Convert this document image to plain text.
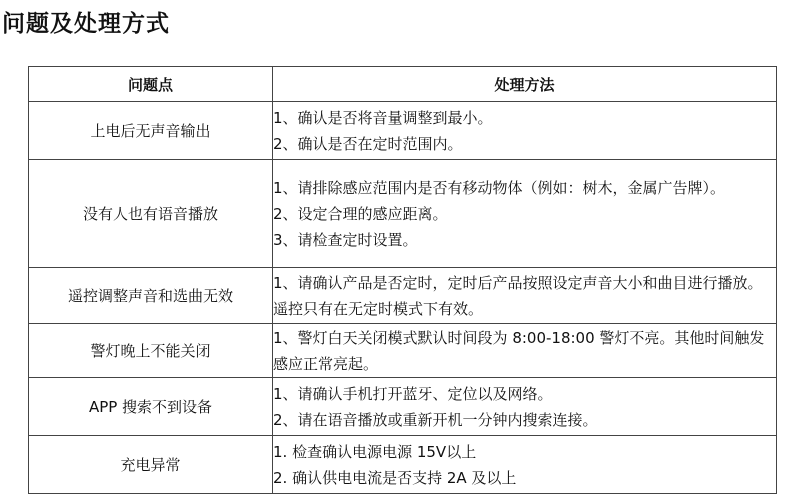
问题及处理方式
问题点	处理方法
上电后无声音输出	1、确认是否将音量调整到最小。
2、确认是否在定时范围内。

没有人也有语音播放	1、请排除感应范围内是否有移动物体（例如：树木，金属广告牌）。
2、设定合理的感应距离。
3、请检查定时设置。

遥控调整声音和选曲无效	1、请确认产品是否定时，定时后产品按照设定声音大小和曲目进行播放。遥控只有在无定时模式下有效。

警灯晚上不能关闭	1、警灯白天关闭模式默认时间段为 8:00-18:00 警灯不亮。其他时间触发感应正常亮起。

APP 搜索不到设备	1、请确认手机打开蓝牙、定位以及网络。
2、请在语音播放或重新开机一分钟内搜索连接。

充电异常	1. 检查确认电源电源 15V以上
2. 确认供电电流是否支持 2A 及以上
